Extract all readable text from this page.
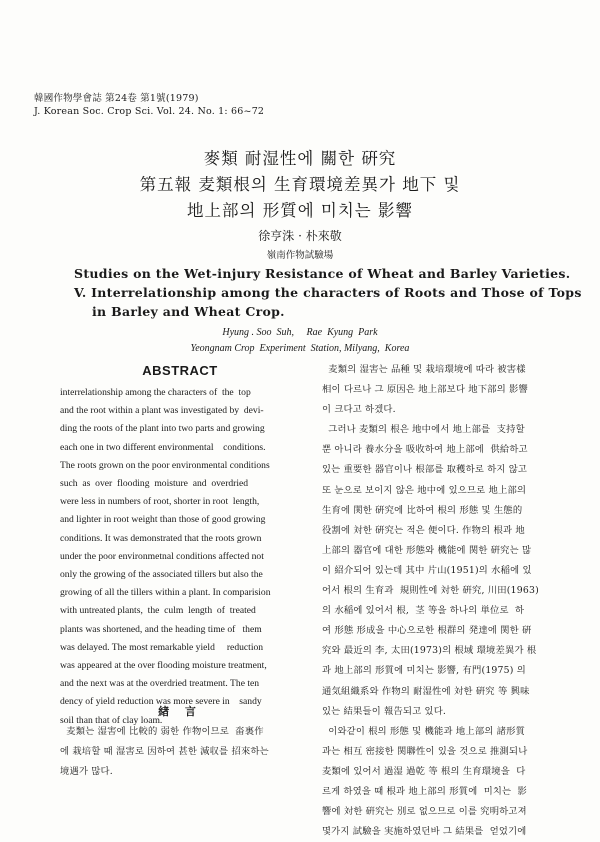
韓國作物學會誌 第24卷 第1號(1979)
J. Korean Soc. Crop Sci. Vol. 24. No. 1: 66~72
麥類 耐湿性에 關한 硏究
第五報 麦類根의 生育環境差異가 地下 및
地上部의 形質에 미치는 影響
徐亨洙 · 朴來敬
嶺南作物試驗場
Studies on the Wet-injury Resistance of Wheat and Barley Varieties.
V. Interrelationship among the characters of Roots and Those of Tops
in Barley and Wheat Crop.
Hyung . Soo  Suh,     Rae  Kyung  Park
Yeongnam Crop  Experiment  Station, Milyang,  Korea
ABSTRACT
interrelationship among the characters of  the  top
and the root within a plant was investigated by  devi-
ding the roots of the plant into two parts and growing
each one in two different environmental    conditions.
The roots grown on the poor environmental conditions
such  as  over  flooding  moisture  and  overdried
were less in numbers of root, shorter in root  length,
and lighter in root weight than those of good growing
conditions. It was demonstrated that the roots grown
under the poor environmetnal conditions affected not
only the growing of the associated tillers but also the
growing of all the tillers within a plant. In comparision
with untreated plants,  the  culm  length  of  treated
plants was shortened, and the heading time of   them
was delayed. The most remarkable yield     reduction
was appeared at the over flooding moisture treatment,
and the next was at the overdried treatment. The ten
dency of yield reduction was more severe in    sandy
soil than that of clay loam.
緖 言
麦類는 湿害에 比較的 弱한 作物이므로  畓裏作
에 栽培할 때 湿害로 因하여 甚한 減収를 招來하는
境遇가 많다.
麦類의 湿害는 品種 및 栽培環境에 따라 被害樣
相이 다르나 그 原因은 地上部보다 地下部의 影響
이 크다고 하겠다.
그러나 麦類의 根은 地中에서 地上部를  支持할
뿐 아니라 養水分을 吸收하여 地上部에  供給하고
있는 重要한 器官이나 根部를 取穫하로 하지 않고
또 눈으로 보이지 않은 地中에 있으므로 地上部의
生育에 関한 硏究에 比하여 根의 形態 및 生態的
役割에 対한 硏究는 적은 便이다. 作物의 根과 地
上部의 器官에 대한 形態와 機能에 関한 硏究는 많
이 紹介되어 있는데 其中 片山(1951)의 水稲에 있
어서 根의 生育과  規則性에 対한 硏究, 川田(1963)
의 水稲에 있어서 根,  茎 等을 하나의 単位로  하
여 形態 形成을 中心으로한 根群의 発達에 関한 硏
究와 最近의 李, 太田(1973)의 根域 環境差異가 根
과 地上部의 形質에 미치는 影響, 有門(1975) 의
通気組織系와 作物의 耐湿性에 対한 硏究 等 興味
있는 結果들이 報告되고 있다.
이와같이 根의 形態 및 機能과 地上部의 諸形質
과는 相互 密接한 関聯性이 있을 것으로 推測되나
麦類에 있어서 過湿 過乾 等 根의 生育環境을  다
르게 하였을 때 根과 地上部의 形質에  미치는  影
響에 対한 硏究는 別로 없으므로 이를 究明하고져
몇가지 試驗을 実施하였던바 그 結果를  얻었기에
